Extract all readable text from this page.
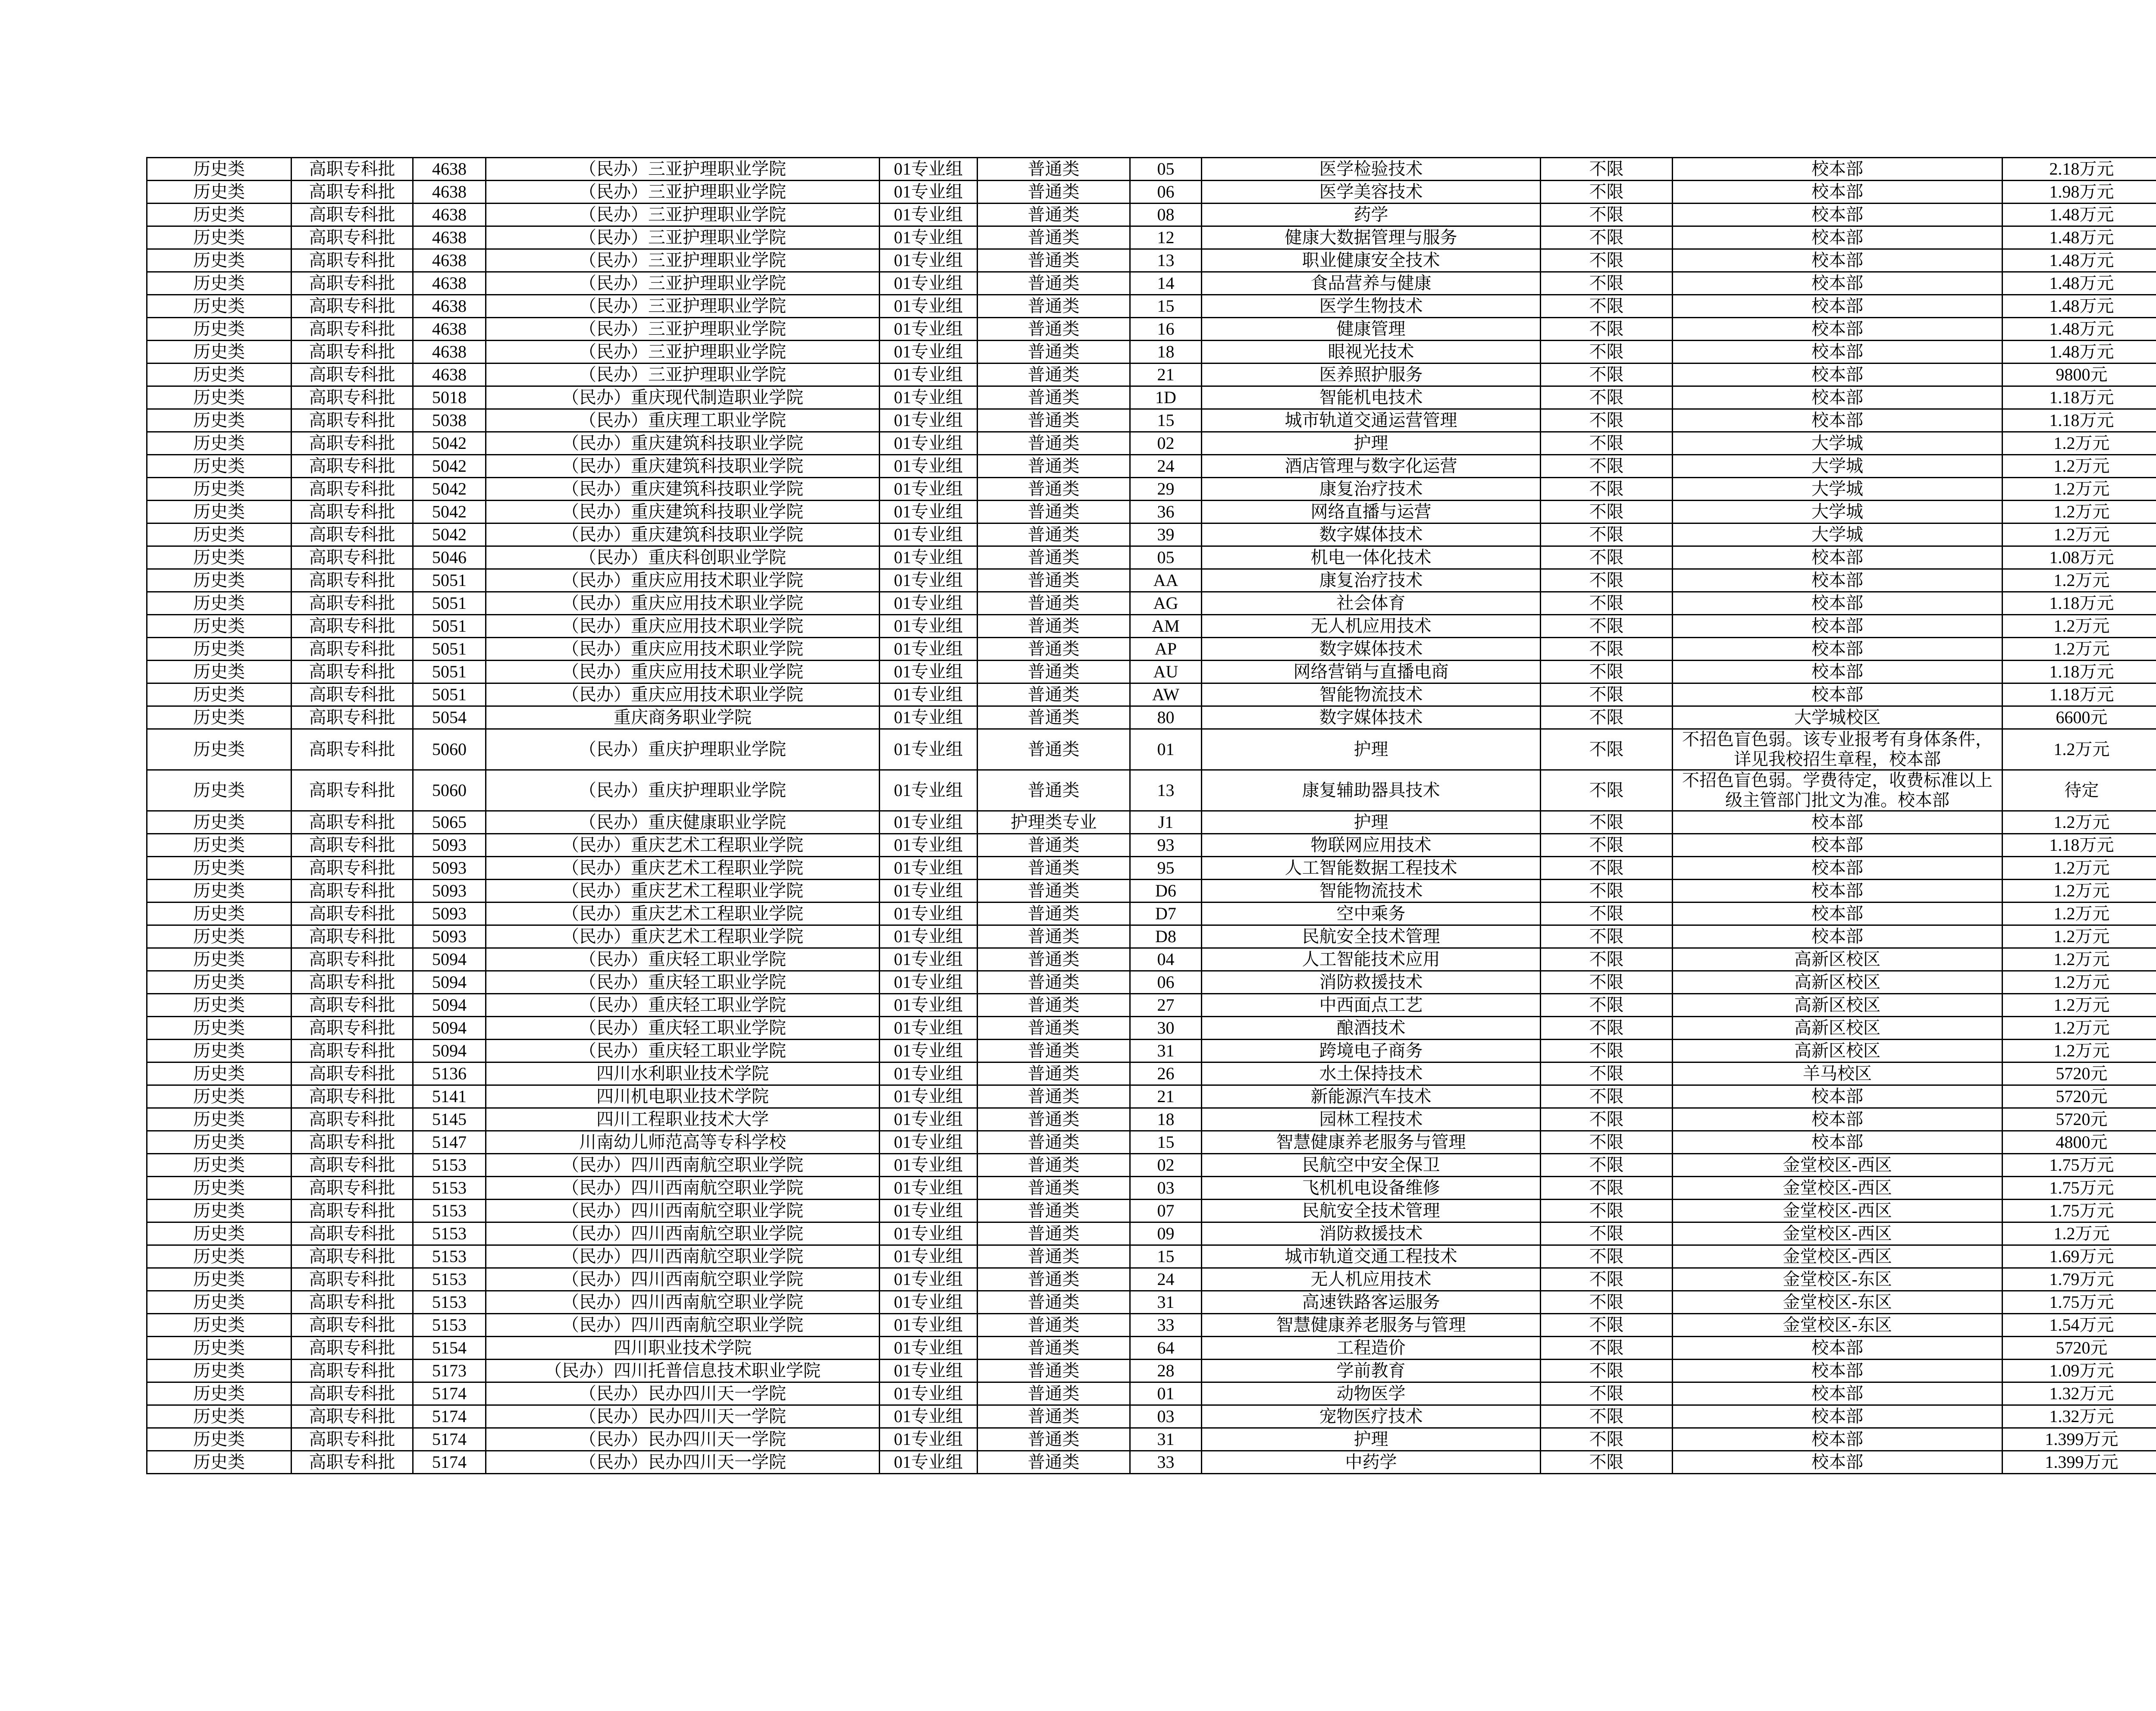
历史类	高职专科批	4638	（民办）三亚护理职业学院	01专业组	普通类	05	医学检验技术	不限	校本部	2.18万元	
历史类	高职专科批	4638	（民办）三亚护理职业学院	01专业组	普通类	06	医学美容技术	不限	校本部	1.98万元	
历史类	高职专科批	4638	（民办）三亚护理职业学院	01专业组	普通类	08	药学	不限	校本部	1.48万元	
历史类	高职专科批	4638	（民办）三亚护理职业学院	01专业组	普通类	12	健康大数据管理与服务	不限	校本部	1.48万元	
历史类	高职专科批	4638	（民办）三亚护理职业学院	01专业组	普通类	13	职业健康安全技术	不限	校本部	1.48万元	
历史类	高职专科批	4638	（民办）三亚护理职业学院	01专业组	普通类	14	食品营养与健康	不限	校本部	1.48万元	
历史类	高职专科批	4638	（民办）三亚护理职业学院	01专业组	普通类	15	医学生物技术	不限	校本部	1.48万元	
历史类	高职专科批	4638	（民办）三亚护理职业学院	01专业组	普通类	16	健康管理	不限	校本部	1.48万元	
历史类	高职专科批	4638	（民办）三亚护理职业学院	01专业组	普通类	18	眼视光技术	不限	校本部	1.48万元	
历史类	高职专科批	4638	（民办）三亚护理职业学院	01专业组	普通类	21	医养照护服务	不限	校本部	9800元	
历史类	高职专科批	5018	（民办）重庆现代制造职业学院	01专业组	普通类	1D	智能机电技术	不限	校本部	1.18万元	
历史类	高职专科批	5038	（民办）重庆理工职业学院	01专业组	普通类	15	城市轨道交通运营管理	不限	校本部	1.18万元	
历史类	高职专科批	5042	（民办）重庆建筑科技职业学院	01专业组	普通类	02	护理	不限	大学城	1.2万元	
历史类	高职专科批	5042	（民办）重庆建筑科技职业学院	01专业组	普通类	24	酒店管理与数字化运营	不限	大学城	1.2万元	
历史类	高职专科批	5042	（民办）重庆建筑科技职业学院	01专业组	普通类	29	康复治疗技术	不限	大学城	1.2万元	
历史类	高职专科批	5042	（民办）重庆建筑科技职业学院	01专业组	普通类	36	网络直播与运营	不限	大学城	1.2万元	
历史类	高职专科批	5042	（民办）重庆建筑科技职业学院	01专业组	普通类	39	数字媒体技术	不限	大学城	1.2万元	
历史类	高职专科批	5046	（民办）重庆科创职业学院	01专业组	普通类	05	机电一体化技术	不限	校本部	1.08万元	
历史类	高职专科批	5051	（民办）重庆应用技术职业学院	01专业组	普通类	AA	康复治疗技术	不限	校本部	1.2万元	
历史类	高职专科批	5051	（民办）重庆应用技术职业学院	01专业组	普通类	AG	社会体育	不限	校本部	1.18万元	
历史类	高职专科批	5051	（民办）重庆应用技术职业学院	01专业组	普通类	AM	无人机应用技术	不限	校本部	1.2万元	
历史类	高职专科批	5051	（民办）重庆应用技术职业学院	01专业组	普通类	AP	数字媒体技术	不限	校本部	1.2万元	
历史类	高职专科批	5051	（民办）重庆应用技术职业学院	01专业组	普通类	AU	网络营销与直播电商	不限	校本部	1.18万元	
历史类	高职专科批	5051	（民办）重庆应用技术职业学院	01专业组	普通类	AW	智能物流技术	不限	校本部	1.18万元	
历史类	高职专科批	5054	重庆商务职业学院	01专业组	普通类	80	数字媒体技术	不限	大学城校区	6600元	
历史类	高职专科批	5060	（民办）重庆护理职业学院	01专业组	普通类	01	护理	不限	不招色盲色弱。该专业报考有身体条件，详见我校招生章程，校本部	1.2万元	
历史类	高职专科批	5060	（民办）重庆护理职业学院	01专业组	普通类	13	康复辅助器具技术	不限	不招色盲色弱。学费待定，收费标准以上级主管部门批文为准。校本部	待定	
历史类	高职专科批	5065	（民办）重庆健康职业学院	01专业组	护理类专业	J1	护理	不限	校本部	1.2万元	
历史类	高职专科批	5093	（民办）重庆艺术工程职业学院	01专业组	普通类	93	物联网应用技术	不限	校本部	1.18万元	
历史类	高职专科批	5093	（民办）重庆艺术工程职业学院	01专业组	普通类	95	人工智能数据工程技术	不限	校本部	1.2万元	
历史类	高职专科批	5093	（民办）重庆艺术工程职业学院	01专业组	普通类	D6	智能物流技术	不限	校本部	1.2万元	
历史类	高职专科批	5093	（民办）重庆艺术工程职业学院	01专业组	普通类	D7	空中乘务	不限	校本部	1.2万元	
历史类	高职专科批	5093	（民办）重庆艺术工程职业学院	01专业组	普通类	D8	民航安全技术管理	不限	校本部	1.2万元	
历史类	高职专科批	5094	（民办）重庆轻工职业学院	01专业组	普通类	04	人工智能技术应用	不限	高新区校区	1.2万元	
历史类	高职专科批	5094	（民办）重庆轻工职业学院	01专业组	普通类	06	消防救援技术	不限	高新区校区	1.2万元	
历史类	高职专科批	5094	（民办）重庆轻工职业学院	01专业组	普通类	27	中西面点工艺	不限	高新区校区	1.2万元	
历史类	高职专科批	5094	（民办）重庆轻工职业学院	01专业组	普通类	30	酿酒技术	不限	高新区校区	1.2万元	
历史类	高职专科批	5094	（民办）重庆轻工职业学院	01专业组	普通类	31	跨境电子商务	不限	高新区校区	1.2万元	
历史类	高职专科批	5136	四川水利职业技术学院	01专业组	普通类	26	水土保持技术	不限	羊马校区	5720元	
历史类	高职专科批	5141	四川机电职业技术学院	01专业组	普通类	21	新能源汽车技术	不限	校本部	5720元	
历史类	高职专科批	5145	四川工程职业技术大学	01专业组	普通类	18	园林工程技术	不限	校本部	5720元	
历史类	高职专科批	5147	川南幼儿师范高等专科学校	01专业组	普通类	15	智慧健康养老服务与管理	不限	校本部	4800元	
历史类	高职专科批	5153	（民办）四川西南航空职业学院	01专业组	普通类	02	民航空中安全保卫	不限	金堂校区-西区	1.75万元	
历史类	高职专科批	5153	（民办）四川西南航空职业学院	01专业组	普通类	03	飞机机电设备维修	不限	金堂校区-西区	1.75万元	
历史类	高职专科批	5153	（民办）四川西南航空职业学院	01专业组	普通类	07	民航安全技术管理	不限	金堂校区-西区	1.75万元	
历史类	高职专科批	5153	（民办）四川西南航空职业学院	01专业组	普通类	09	消防救援技术	不限	金堂校区-西区	1.2万元	
历史类	高职专科批	5153	（民办）四川西南航空职业学院	01专业组	普通类	15	城市轨道交通工程技术	不限	金堂校区-西区	1.69万元	
历史类	高职专科批	5153	（民办）四川西南航空职业学院	01专业组	普通类	24	无人机应用技术	不限	金堂校区-东区	1.79万元	
历史类	高职专科批	5153	（民办）四川西南航空职业学院	01专业组	普通类	31	高速铁路客运服务	不限	金堂校区-东区	1.75万元	
历史类	高职专科批	5153	（民办）四川西南航空职业学院	01专业组	普通类	33	智慧健康养老服务与管理	不限	金堂校区-东区	1.54万元	
历史类	高职专科批	5154	四川职业技术学院	01专业组	普通类	64	工程造价	不限	校本部	5720元	
历史类	高职专科批	5173	（民办）四川托普信息技术职业学院	01专业组	普通类	28	学前教育	不限	校本部	1.09万元	
历史类	高职专科批	5174	（民办）民办四川天一学院	01专业组	普通类	01	动物医学	不限	校本部	1.32万元	
历史类	高职专科批	5174	（民办）民办四川天一学院	01专业组	普通类	03	宠物医疗技术	不限	校本部	1.32万元	
历史类	高职专科批	5174	（民办）民办四川天一学院	01专业组	普通类	31	护理	不限	校本部	1.399万元	
历史类	高职专科批	5174	（民办）民办四川天一学院	01专业组	普通类	33	中药学	不限	校本部	1.399万元	
